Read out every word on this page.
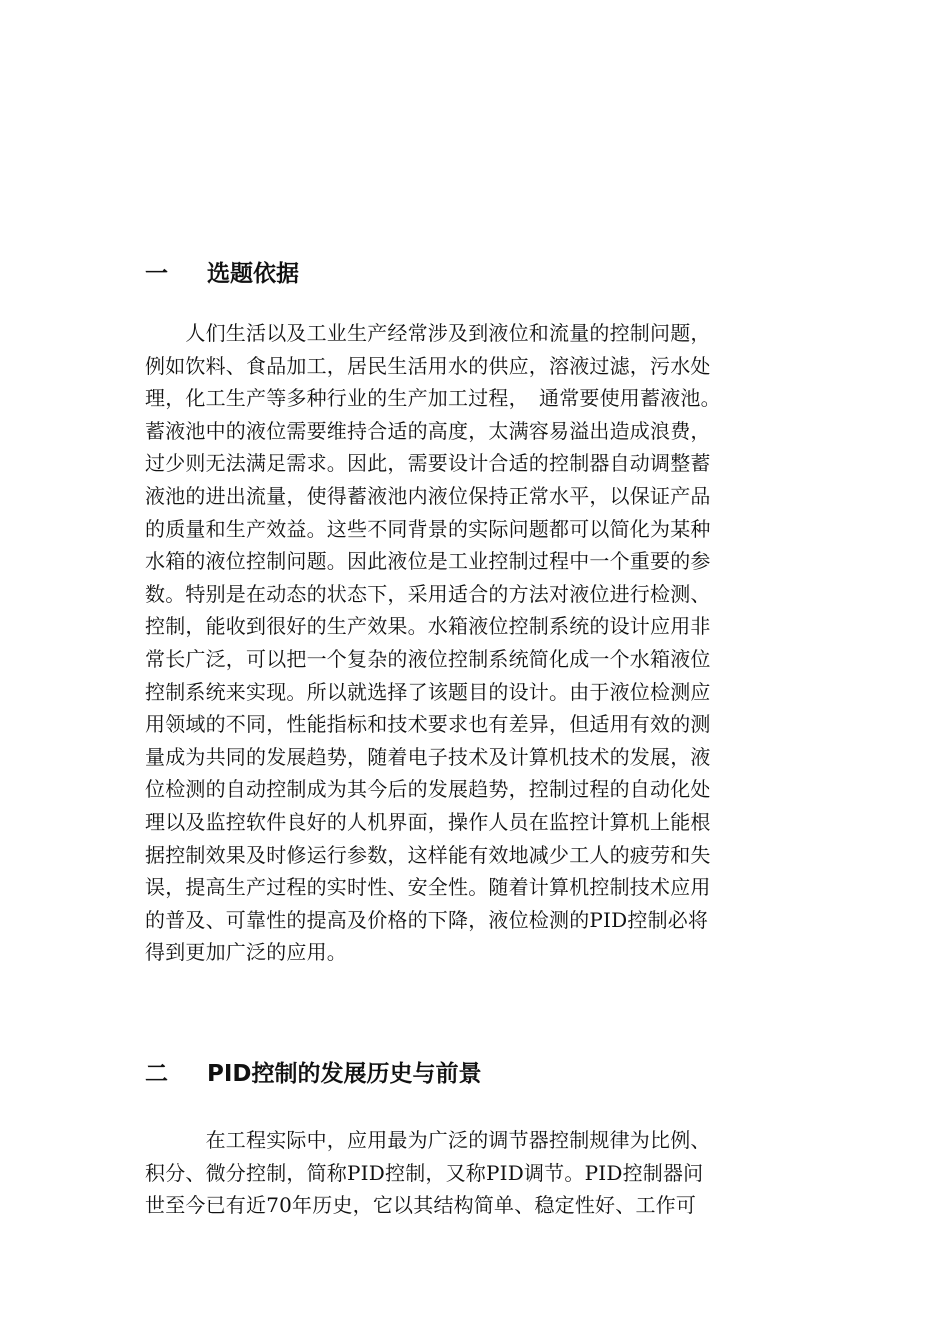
一 选题依据
　　人们生活以及工业生产经常涉及到液位和流量的控制问题，
例如饮料、食品加工，居民生活用水的供应，溶液过滤，污水处
理，化工生产等多种行业的生产加工过程，　通常要使用蓄液池。
蓄液池中的液位需要维持合适的高度，太满容易溢出造成浪费，
过少则无法满足需求。因此，需要设计合适的控制器自动调整蓄
液池的进出流量，使得蓄液池内液位保持正常水平，以保证产品
的质量和生产效益。这些不同背景的实际问题都可以简化为某种
水箱的液位控制问题。因此液位是工业控制过程中一个重要的参
数。特别是在动态的状态下，采用适合的方法对液位进行检测、
控制，能收到很好的生产效果。水箱液位控制系统的设计应用非
常长广泛，可以把一个复杂的液位控制系统简化成一个水箱液位
控制系统来实现。所以就选择了该题目的设计。由于液位检测应
用领域的不同，性能指标和技术要求也有差异，但适用有效的测
量成为共同的发展趋势，随着电子技术及计算机技术的发展，液
位检测的自动控制成为其今后的发展趋势，控制过程的自动化处
理以及监控软件良好的人机界面，操作人员在监控计算机上能根
据控制效果及时修运行参数，这样能有效地减少工人的疲劳和失
误，提高生产过程的实时性、安全性。随着计算机控制技术应用
的普及、可靠性的提高及价格的下降，液位检测的PID控制必将
得到更加广泛的应用。
二 PID控制的发展历史与前景
　　　在工程实际中，应用最为广泛的调节器控制规律为比例、
积分、微分控制，简称PID控制，又称PID调节。PID控制器问
世至今已有近70年历史，它以其结构简单、稳定性好、工作可
